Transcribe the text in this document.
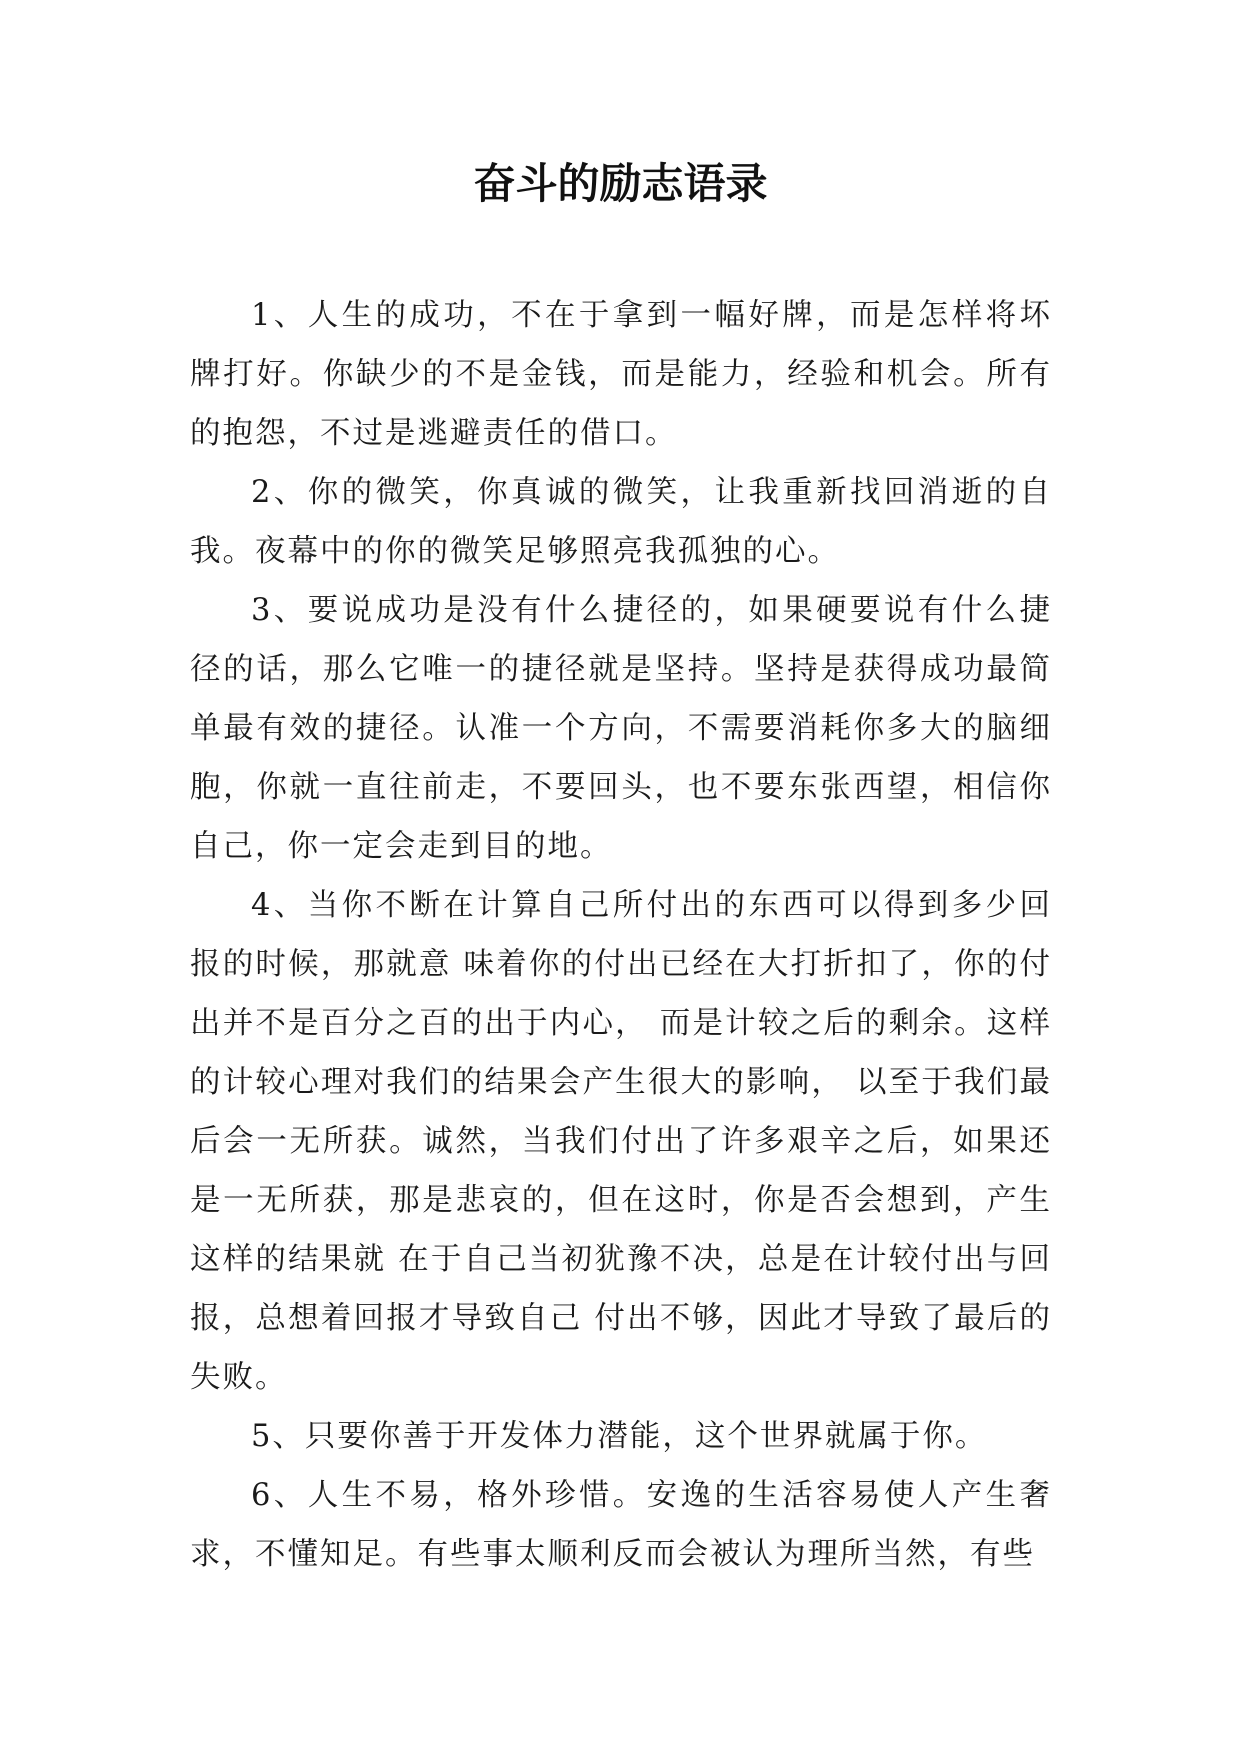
奋斗的励志语录

1、人生的成功，不在于拿到一幅好牌，而是怎样将坏牌打好。你缺少的不是金钱，而是能力，经验和机会。所有的抱怨，不过是逃避责任的借口。

2、你的微笑，你真诚的微笑，让我重新找回消逝的自我。夜幕中的你的微笑足够照亮我孤独的心。

3、要说成功是没有什么捷径的，如果硬要说有什么捷径的话，那么它唯一的捷径就是坚持。坚持是获得成功最简单最有效的捷径。认准一个方向，不需要消耗你多大的脑细胞，你就一直往前走，不要回头，也不要东张西望，相信你自己，你一定会走到目的地。

4、当你不断在计算自己所付出的东西可以得到多少回报的时候，那就意 味着你的付出已经在大打折扣了，你的付出并不是百分之百的出于内心， 而是计较之后的剩余。这样的计较心理对我们的结果会产生很大的影响， 以至于我们最后会一无所获。诚然，当我们付出了许多艰辛之后，如果还 是一无所获，那是悲哀的，但在这时，你是否会想到，产生这样的结果就 在于自己当初犹豫不决，总是在计较付出与回报，总想着回报才导致自己 付出不够，因此才导致了最后的失败。

5、只要你善于开发体力潜能，这个世界就属于你。

6、人生不易，格外珍惜。安逸的生活容易使人产生奢求，不懂知足。有些事太顺利反而会被认为理所当然，有些
